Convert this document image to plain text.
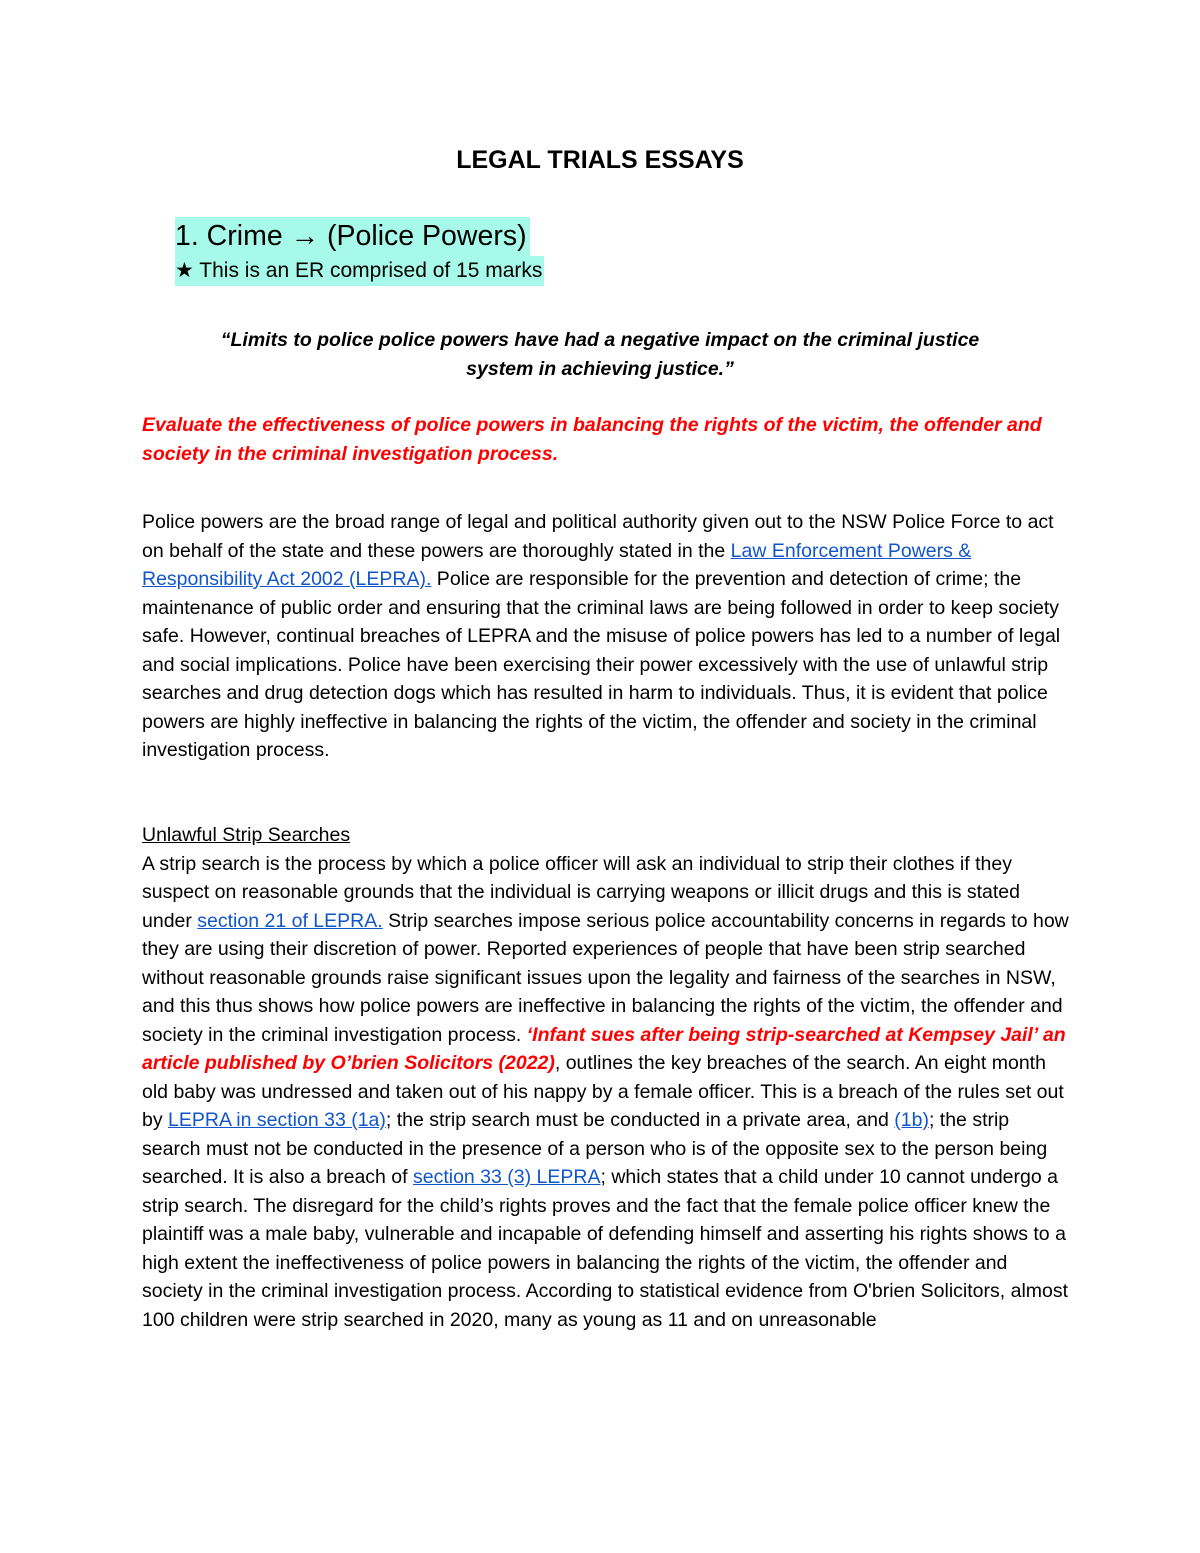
LEGAL TRIALS ESSAYS
1. Crime → (Police Powers)
★ This is an ER comprised of 15 marks

“Limits to police police powers have had a negative impact on the criminal justice
system in achieving justice.”

Evaluate the effectiveness of police powers in balancing the rights of the victim, the offender and society in the criminal investigation process.

Police powers are the broad range of legal and political authority given out to the NSW Police Force to act on behalf of the state and these powers are thoroughly stated in the Law Enforcement Powers & Responsibility Act 2002 (LEPRA). Police are responsible for the prevention and detection of crime; the maintenance of public order and ensuring that the criminal laws are being followed in order to keep society safe. However, continual breaches of LEPRA and the misuse of police powers has led to a number of legal and social implications. Police have been exercising their power excessively with the use of unlawful strip searches and drug detection dogs which has resulted in harm to individuals. Thus, it is evident that police powers are highly ineffective in balancing the rights of the victim, the offender and society in the criminal investigation process.

Unlawful Strip Searches

A strip search is the process by which a police officer will ask an individual to strip their clothes if they suspect on reasonable grounds that the individual is carrying weapons or illicit drugs and this is stated under section 21 of LEPRA. Strip searches impose serious police accountability concerns in regards to how they are using their discretion of power. Reported experiences of people that have been strip searched without reasonable grounds raise significant issues upon the legality and fairness of the searches in NSW, and this thus shows how police powers are ineffective in balancing the rights of the victim, the offender and society in the criminal investigation process. ‘Infant sues after being strip-searched at Kempsey Jail’ an article published by O’brien Solicitors (2022), outlines the key breaches of the search. An eight month old baby was undressed and taken out of his nappy by a female officer. This is a breach of the rules set out by LEPRA in section 33 (1a); the strip search must be conducted in a private area, and (1b); the strip search must not be conducted in the presence of a person who is of the opposite sex to the person being searched. It is also a breach of section 33 (3) LEPRA; which states that a child under 10 cannot undergo a strip search. The disregard for the child’s rights proves and the fact that the female police officer knew the plaintiff was a male baby, vulnerable and incapable of defending himself and asserting his rights shows to a high extent the ineffectiveness of police powers in balancing the rights of the victim, the offender and society in the criminal investigation process. According to statistical evidence from O'brien Solicitors, almost 100 children were strip searched in 2020, many as young as 11 and on unreasonable
